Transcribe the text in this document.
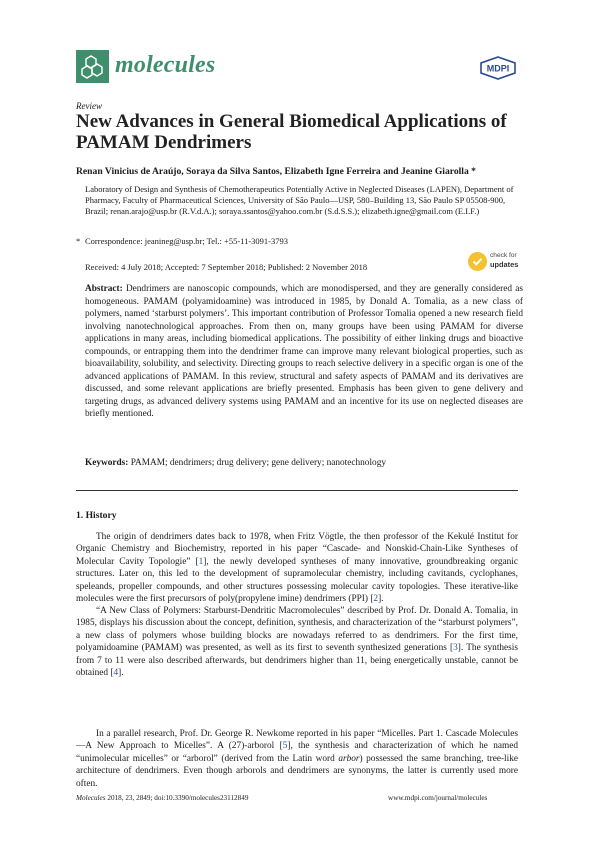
molecules	MDPI
Review
New Advances in General Biomedical Applications of PAMAM Dendrimers
Renan Vinicius de Araújo, Soraya da Silva Santos, Elizabeth Igne Ferreira and Jeanine Giarolla *
Laboratory of Design and Synthesis of Chemotherapeutics Potentially Active in Neglected Diseases (LAPEN), Department of Pharmacy, Faculty of Pharmaceutical Sciences, University of São Paulo—USP, 580–Building 13, São Paulo SP 05508-900, Brazil; renan.arajo@usp.br (R.V.d.A.); soraya.ssantos@yahoo.com.br (S.d.S.S.); elizabeth.igne@gmail.com (E.I.F.)
* Correspondence: jeanineg@usp.br; Tel.: +55-11-3091-3793
Received: 4 July 2018; Accepted: 7 September 2018; Published: 2 November 2018
check for
updates
Abstract: Dendrimers are nanoscopic compounds, which are monodispersed, and they are generally considered as homogeneous. PAMAM (polyamidoamine) was introduced in 1985, by Donald A. Tomalia, as a new class of polymers, named ‘starburst polymers’. This important contribution of Professor Tomalia opened a new research field involving nanotechnological approaches. From then on, many groups have been using PAMAM for diverse applications in many areas, including biomedical applications. The possibility of either linking drugs and bioactive compounds, or entrapping them into the dendrimer frame can improve many relevant biological properties, such as bioavailability, solubility, and selectivity. Directing groups to reach selective delivery in a specific organ is one of the advanced applications of PAMAM. In this review, structural and safety aspects of PAMAM and its derivatives are discussed, and some relevant applications are briefly presented. Emphasis has been given to gene delivery and targeting drugs, as advanced delivery systems using PAMAM and an incentive for its use on neglected diseases are briefly mentioned.
Keywords: PAMAM; dendrimers; drug delivery; gene delivery; nanotechnology
1. History
The origin of dendrimers dates back to 1978, when Fritz Vögtle, the then professor of the Kekulé Institut for Organic Chemistry and Biochemistry, reported in his paper “Cascade- and Nonskid-Chain-Like Syntheses of Molecular Cavity Topologie” [1], the newly developed syntheses of many innovative, groundbreaking organic structures. Later on, this led to the development of supramolecular chemistry, including cavitands, cyclophanes, speleands, propeller compounds, and other structures possessing molecular cavity topologies. These iterative-like molecules were the first precursors of poly(propylene imine) dendrimers (PPI) [2].
“A New Class of Polymers: Starburst-Dendritic Macromolecules” described by Prof. Dr. Donald A. Tomalia, in 1985, displays his discussion about the concept, definition, synthesis, and characterization of the “starburst polymers”, a new class of polymers whose building blocks are nowadays referred to as dendrimers. For the first time, polyamidoamine (PAMAM) was presented, as well as its first to seventh synthesized generations [3]. The synthesis from 7 to 11 were also described afterwards, but dendrimers higher than 11, being energetically unstable, cannot be obtained [4].
In a parallel research, Prof. Dr. George R. Newkome reported in his paper “Micelles. Part 1. Cascade Molecules—A New Approach to Micelles”. A (27)-arborol [5], the synthesis and characterization of which he named “unimolecular micelles” or “arborol” (derived from the Latin word arbor) possessed the same branching, tree-like architecture of dendrimers. Even though arborols and dendrimers are synonyms, the latter is currently used more often.
Molecules 2018, 23, 2849; doi:10.3390/molecules23112849	www.mdpi.com/journal/molecules
